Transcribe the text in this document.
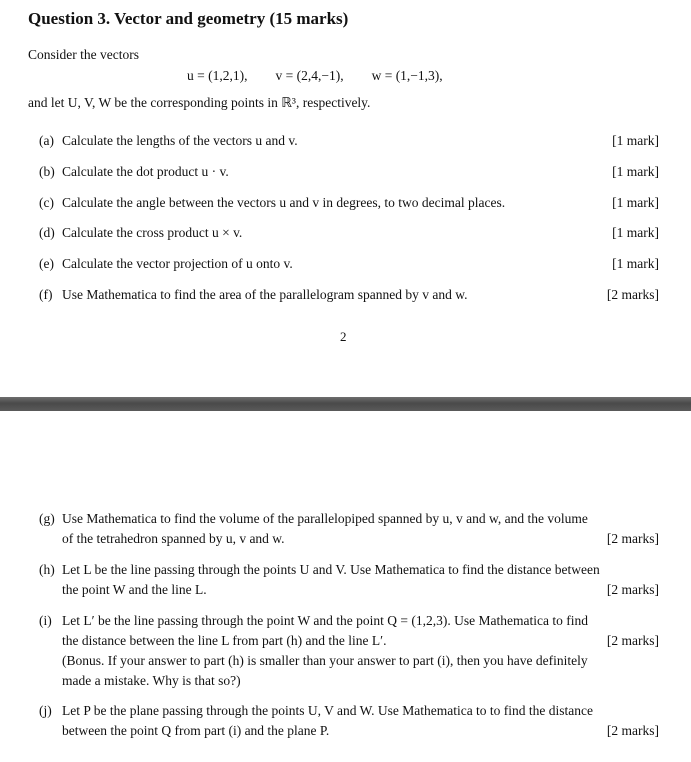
Question 3. Vector and geometry (15 marks)
Consider the vectors
u = (1,2,1), v = (2,4,−1), w = (1,−1,3),
and let U, V, W be the corresponding points in ℝ³, respectively.
(a) Calculate the lengths of the vectors u and v.	[1 mark]
(b) Calculate the dot product u · v.	[1 mark]
(c) Calculate the angle between the vectors u and v in degrees, to two decimal places.	[1 mark]
(d) Calculate the cross product u × v.	[1 mark]
(e) Calculate the vector projection of u onto v.	[1 mark]
(f) Use Mathematica to find the area of the parallelogram spanned by v and w.	[2 marks]
2
(g) Use Mathematica to find the volume of the parallelopiped spanned by u, v and w, and the volume
of the tetrahedron spanned by u, v and w.	[2 marks]
(h) Let L be the line passing through the points U and V. Use Mathematica to find the distance between
the point W and the line L.	[2 marks]
(i) Let L′ be the line passing through the point W and the point Q = (1,2,3). Use Mathematica to find
the distance between the line L from part (h) and the line L′.	[2 marks]
(Bonus. If your answer to part (h) is smaller than your answer to part (i), then you have definitely
made a mistake. Why is that so?)
(j) Let P be the plane passing through the points U, V and W. Use Mathematica to to find the distance
between the point Q from part (i) and the plane P.	[2 marks]
